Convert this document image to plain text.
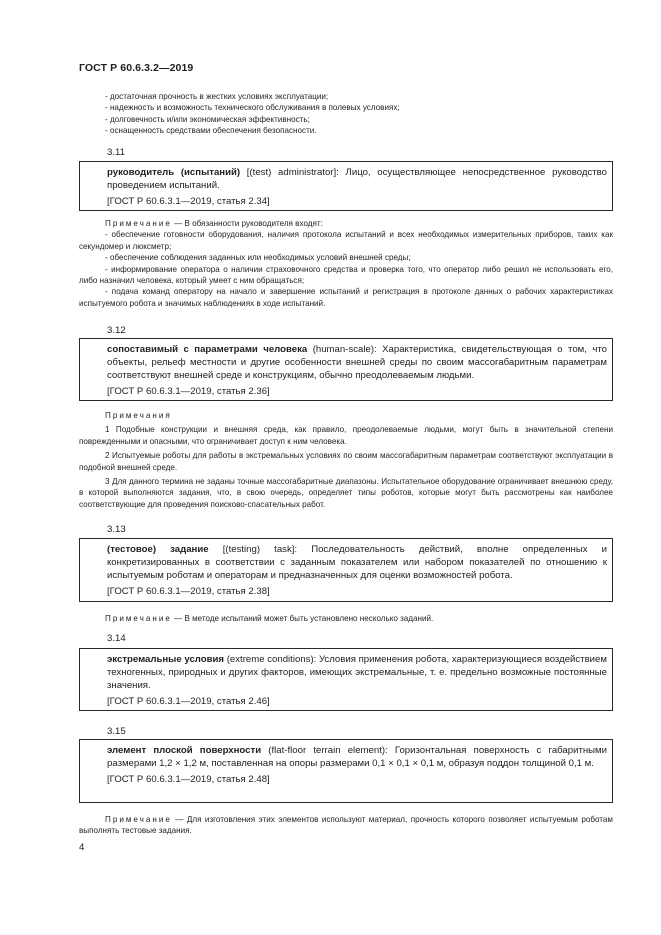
ГОСТ Р 60.6.3.2—2019
- достаточная прочность в жестких условиях эксплуатации;
- надежность и возможность технического обслуживания в полевых условиях;
- долговечность и/или экономическая эффективность;
- оснащенность средствами обеспечения безопасности.
3.11
руководитель (испытаний) [(test) administrator]: Лицо, осуществляющее непосредственное руководство проведением испытаний.
[ГОСТ Р 60.6.3.1—2019, статья 2.34]
Примечание — В обязанности руководителя входят:
- обеспечение готовности оборудования, наличия протокола испытаний и всех необходимых измерительных приборов, таких как секундомер и люксметр;
- обеспечение соблюдения заданных или необходимых условий внешней среды;
- информирование оператора о наличии страховочного средства и проверка того, что оператор либо решил не использовать его, либо назначил человека, который умеет с ним обращаться;
- подача команд оператору на начало и завершение испытаний и регистрация в протоколе данных о рабочих характеристиках испытуемого робота и значимых наблюдениях в ходе испытаний.
3.12
сопоставимый с параметрами человека (human-scale): Характеристика, свидетельствующая о том, что объекты, рельеф местности и другие особенности внешней среды по своим массогабаритным параметрам соответствуют внешней среде и конструкциям, обычно преодолеваемым людьми.
[ГОСТ Р 60.6.3.1—2019, статья 2.36]
Примечания
1 Подобные конструкции и внешняя среда, как правило, преодолеваемые людьми, могут быть в значительной степени поврежденными и опасными, что ограничивает доступ к ним человека.
2 Испытуемые роботы для работы в экстремальных условиях по своим массогабаритным параметрам соответствуют эксплуатации в подобной внешней среде.
3 Для данного термина не заданы точные массогабаритные диапазоны. Испытательное оборудование ограничивает внешнюю среду, в которой выполняются задания, что, в свою очередь, определяет типы роботов, которые могут быть рассмотрены как наиболее соответствующие для проведения поисково-спасательных работ.
3.13
(тестовое) задание [(testing) task]: Последовательность действий, вполне определенных и конкретизированных в соответствии с заданным показателем или набором показателей по отношению к испытуемым роботам и операторам и предназначенных для оценки возможностей робота.
[ГОСТ Р 60.6.3.1—2019, статья 2.38]
Примечание — В методе испытаний может быть установлено несколько заданий.
3.14
экстремальные условия (extreme conditions): Условия применения робота, характеризующиеся воздействием техногенных, природных и других факторов, имеющих экстремальные, т. е. предельно возможные постоянные значения.
[ГОСТ Р 60.6.3.1—2019, статья 2.46]
3.15
элемент плоской поверхности (flat-floor terrain element): Горизонтальная поверхность с габаритными размерами 1,2 × 1,2 м, поставленная на опоры размерами 0,1 × 0,1 × 0,1 м, образуя поддон толщиной 0,1 м.
[ГОСТ Р 60.6.3.1—2019, статья 2.48]
Примечание — Для изготовления этих элементов используют материал, прочность которого позволяет испытуемым роботам выполнять тестовые задания.
4
